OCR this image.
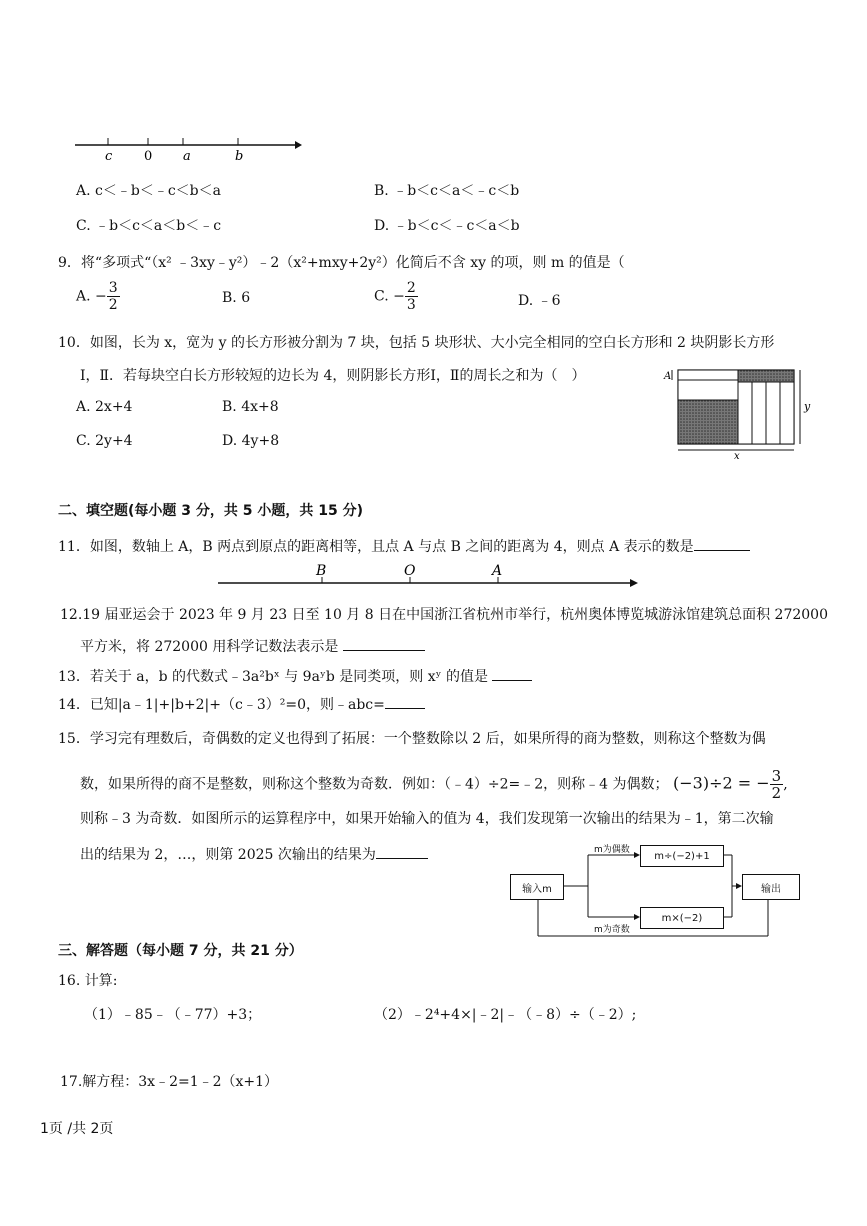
c 0 a	b
A. c＜﹣b＜﹣c＜b＜a	B. ﹣b＜c＜a＜﹣c＜b
C. ﹣b＜c＜a＜b＜﹣c	D. ﹣b＜c＜﹣c＜a＜b
9．将“多项式“（x² ﹣3xy﹣y²）﹣2（x²+mxy+2y²）化简后不含 xy 的项，则 m 的值是（
A. − $\frac{3}{2}$	B. 6	C. − $\frac{2}{3}$	D. ﹣6
10．如图，长为 x，宽为 y 的长方形被分割为 7 块，包括 5 块形状、大小完全相同的空白长方形和 2 块阴影长方形
Ⅰ，Ⅱ．若每块空白长方形较短的边长为 4，则阴影长方形Ⅰ，Ⅱ的周长之和为（　）
A. 2x+4	B. 4x+8
C. 2y+4	D. 4y+8
A
y
x
二、填空题(每小题 3 分，共 5 小题，共 15 分)
11．如图，数轴上 A，B 两点到原点的距离相等，且点 A 与点 B 之间的距离为 4，则点 A 表示的数是
B	O	A
12.19 届亚运会于 2023 年 9 月 23 日至 10 月 8 日在中国浙江省杭州市举行，杭州奥体博览城游泳馆建筑总面积 272000
平方米，将 272000 用科学记数法表示是
13．若关于 a，b 的代数式﹣3a²bˣ 与 9aʸb 是同类项，则 xʸ 的值是
14．已知|a﹣1|+|b+2|+（c﹣3）²=0，则﹣abc=
15．学习完有理数后，奇偶数的定义也得到了拓展：一个整数除以 2 后，如果所得的商为整数，则称这个整数为偶
数，如果所得的商不是整数，则称这个整数为奇数．例如：（﹣4）÷2=﹣2，则称﹣4 为偶数； (−3)÷2 = − $\frac{3}{2}$ ,
则称﹣3 为奇数．如图所示的运算程序中，如果开始输入的值为 4，我们发现第一次输出的结果为﹣1，第二次输
出的结果为 2，…，则第 2025 次输出的结果为
输入m
m为偶数
m÷(−2)+1
m为奇数
m×(−2)
输出
三、解答题（每小题 7 分，共 21 分）
16. 计算:
（1）﹣85﹣（﹣77）+3；	（2）﹣2⁴+4×|﹣2|﹣（﹣8）÷（﹣2）;
17.解方程：3x﹣2=1﹣2（x+1）
1页 /共 2页
